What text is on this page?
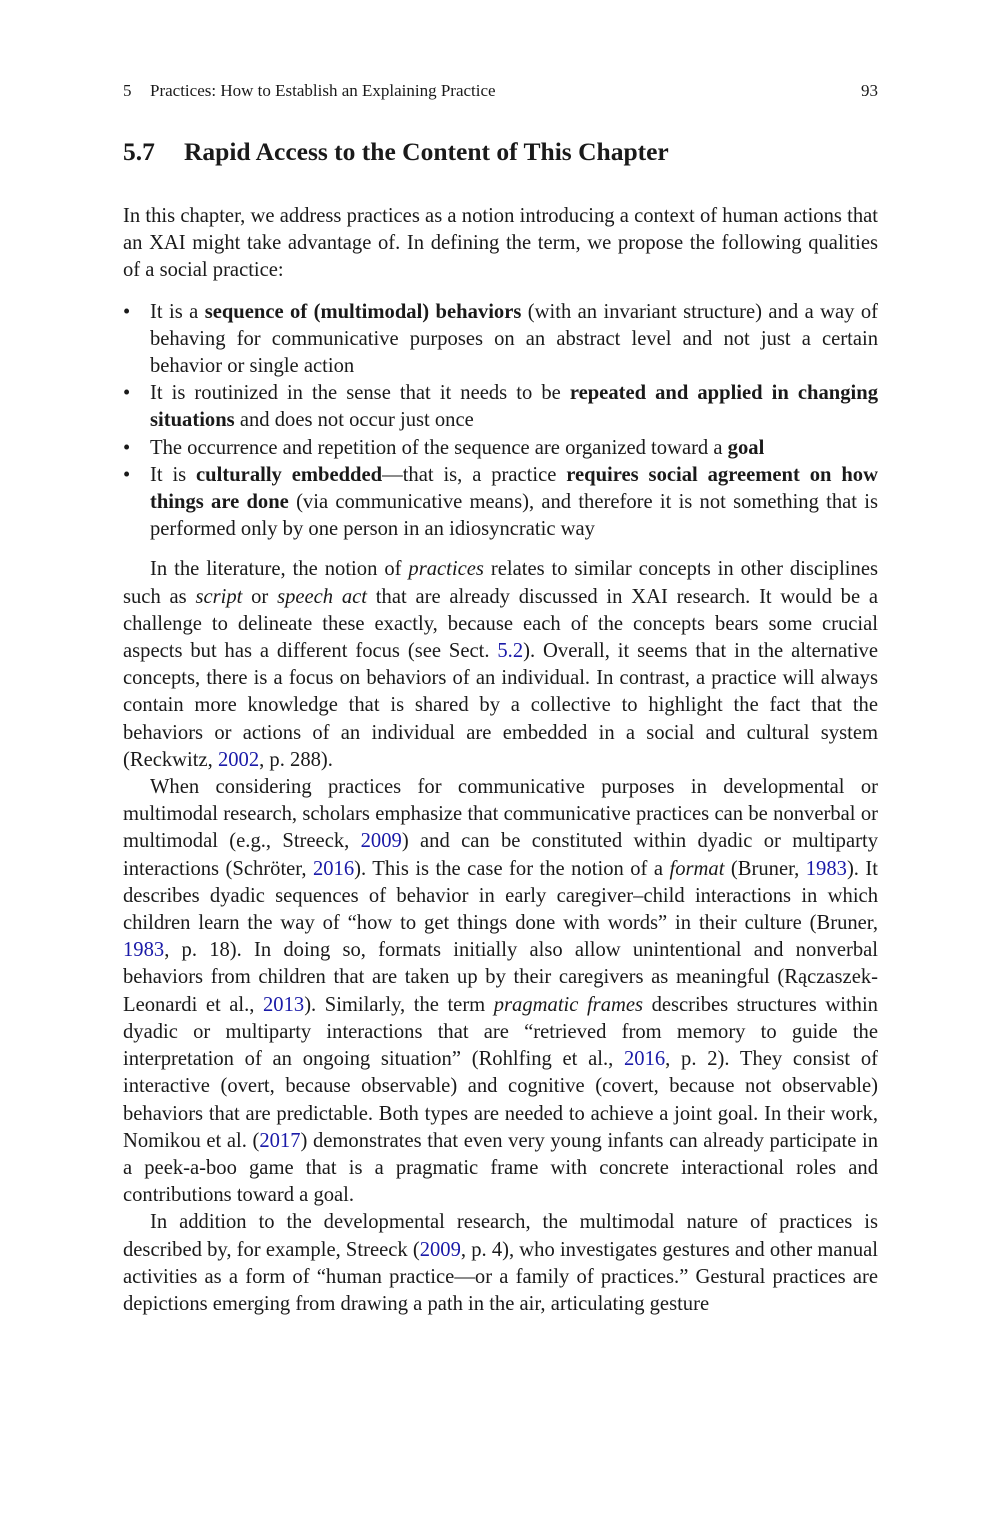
5 Practices: How to Establish an Explaining Practice	93
5.7 Rapid Access to the Content of This Chapter

In this chapter, we address practices as a notion introducing a context of human actions that an XAI might take advantage of. In defining the term, we propose the following qualities of a social practice:

• It is a sequence of (multimodal) behaviors (with an invariant structure) and a way of behaving for communicative purposes on an abstract level and not just a certain behavior or single action
• It is routinized in the sense that it needs to be repeated and applied in changing situations and does not occur just once
• The occurrence and repetition of the sequence are organized toward a goal
• It is culturally embedded—that is, a practice requires social agreement on how things are done (via communicative means), and therefore it is not something that is performed only by one person in an idiosyncratic way

In the literature, the notion of practices relates to similar concepts in other disciplines such as script or speech act that are already discussed in XAI research. It would be a challenge to delineate these exactly, because each of the concepts bears some crucial aspects but has a different focus (see Sect. 5.2). Overall, it seems that in the alternative concepts, there is a focus on behaviors of an individual. In contrast, a practice will always contain more knowledge that is shared by a collective to highlight the fact that the behaviors or actions of an individual are embedded in a social and cultural system (Reckwitz, 2002, p. 288).

When considering practices for communicative purposes in developmental or multimodal research, scholars emphasize that communicative practices can be nonverbal or multimodal (e.g., Streeck, 2009) and can be constituted within dyadic or multiparty interactions (Schröter, 2016). This is the case for the notion of a format (Bruner, 1983). It describes dyadic sequences of behavior in early caregiver–child interactions in which children learn the way of “how to get things done with words” in their culture (Bruner, 1983, p. 18). In doing so, formats initially also allow unintentional and nonverbal behaviors from children that are taken up by their caregivers as meaningful (Rączaszek-Leonardi et al., 2013). Similarly, the term pragmatic frames describes structures within dyadic or multiparty interactions that are “retrieved from memory to guide the interpretation of an ongoing situation” (Rohlfing et al., 2016, p. 2). They consist of interactive (overt, because observable) and cognitive (covert, because not observable) behaviors that are predictable. Both types are needed to achieve a joint goal. In their work, Nomikou et al. (2017) demonstrates that even very young infants can already participate in a peek-a-boo game that is a pragmatic frame with concrete interactional roles and contributions toward a goal.

In addition to the developmental research, the multimodal nature of practices is described by, for example, Streeck (2009, p. 4), who investigates gestures and other manual activities as a form of “human practice—or a family of practices.” Gestural practices are depictions emerging from drawing a path in the air, articulating gesture
